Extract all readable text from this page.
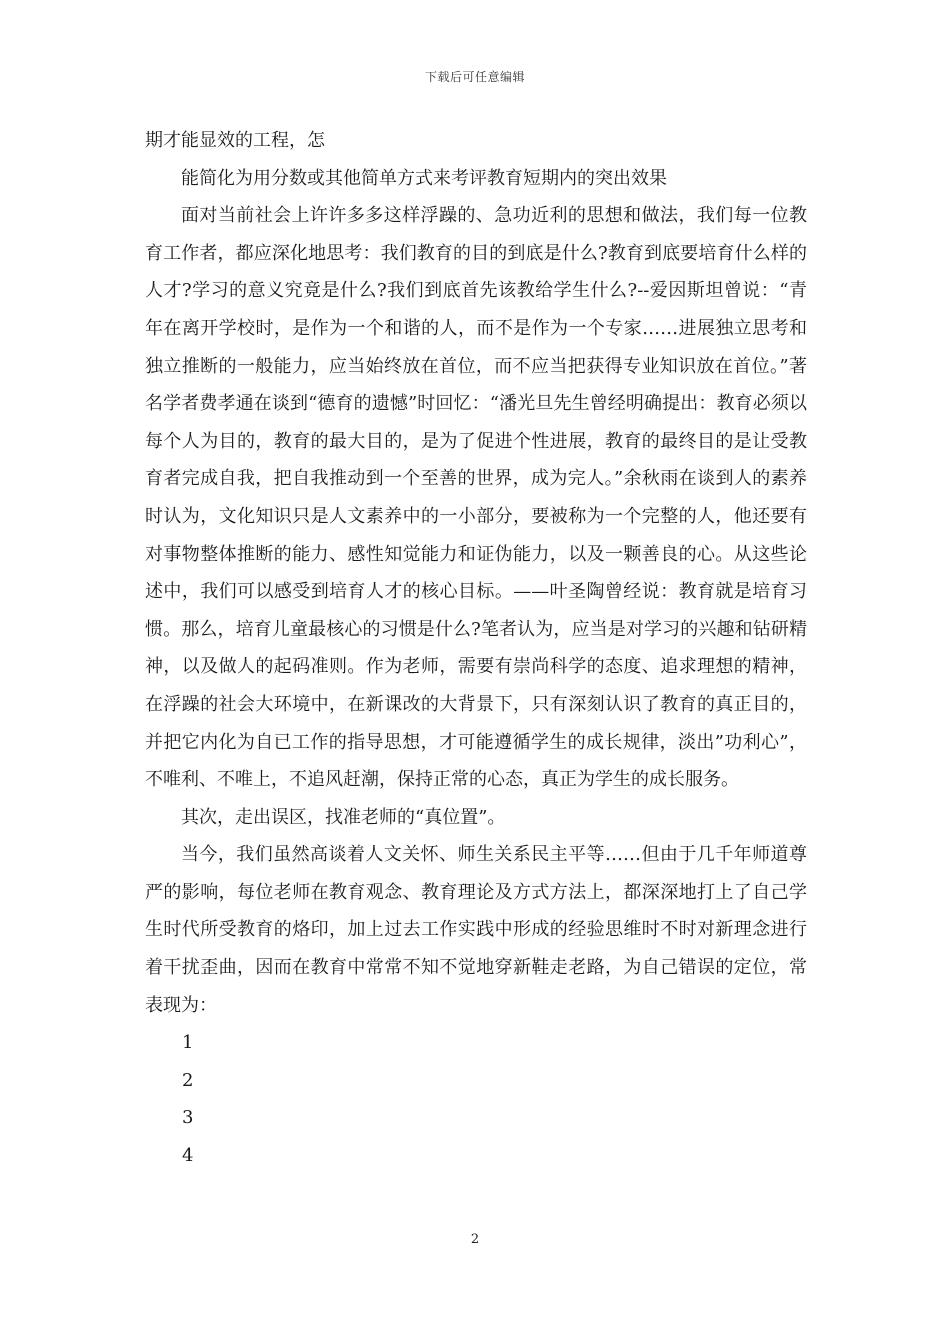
下载后可任意编辑

期才能显效的工程，怎

能简化为用分数或其他简单方式来考评教育短期内的突出效果

面对当前社会上许许多多这样浮躁的、急功近利的思想和做法，我们每一位教育工作者，都应深化地思考：我们教育的目的到底是什么?教育到底要培育什么样的人才?学习的意义究竟是什么?我们到底首先该教给学生什么?--爱因斯坦曾说：“青年在离开学校时，是作为一个和谐的人，而不是作为一个专家……进展独立思考和独立推断的一般能力，应当始终放在首位，而不应当把获得专业知识放在首位。”著名学者费孝通在谈到“德育的遗憾”时回忆：“潘光旦先生曾经明确提出：教育必须以每个人为目的，教育的最大目的，是为了促进个性进展，教育的最终目的是让受教育者完成自我，把自我推动到一个至善的世界，成为完人。”余秋雨在谈到人的素养时认为，文化知识只是人文素养中的一小部分，要被称为一个完整的人，他还要有对事物整体推断的能力、感性知觉能力和证伪能力，以及一颗善良的心。从这些论述中，我们可以感受到培育人才的核心目标。——叶圣陶曾经说：教育就是培育习惯。那么，培育儿童最核心的习惯是什么?笔者认为，应当是对学习的兴趣和钻研精神，以及做人的起码准则。作为老师，需要有崇尚科学的态度、追求理想的精神，在浮躁的社会大环境中，在新课改的大背景下，只有深刻认识了教育的真正目的，并把它内化为自已工作的指导思想，才可能遵循学生的成长规律，淡出”功利心”，不唯利、不唯上，不追风赶潮，保持正常的心态，真正为学生的成长服务。

其次，走出误区，找准老师的“真位置”。

当今，我们虽然高谈着人文关怀、师生关系民主平等……但由于几千年师道尊严的影响，每位老师在教育观念、教育理论及方式方法上，都深深地打上了自己学生时代所受教育的烙印，加上过去工作实践中形成的经验思维时不时对新理念进行着干扰歪曲，因而在教育中常常不知不觉地穿新鞋走老路，为自己错误的定位，常表现为：

1

2

3

4

2
